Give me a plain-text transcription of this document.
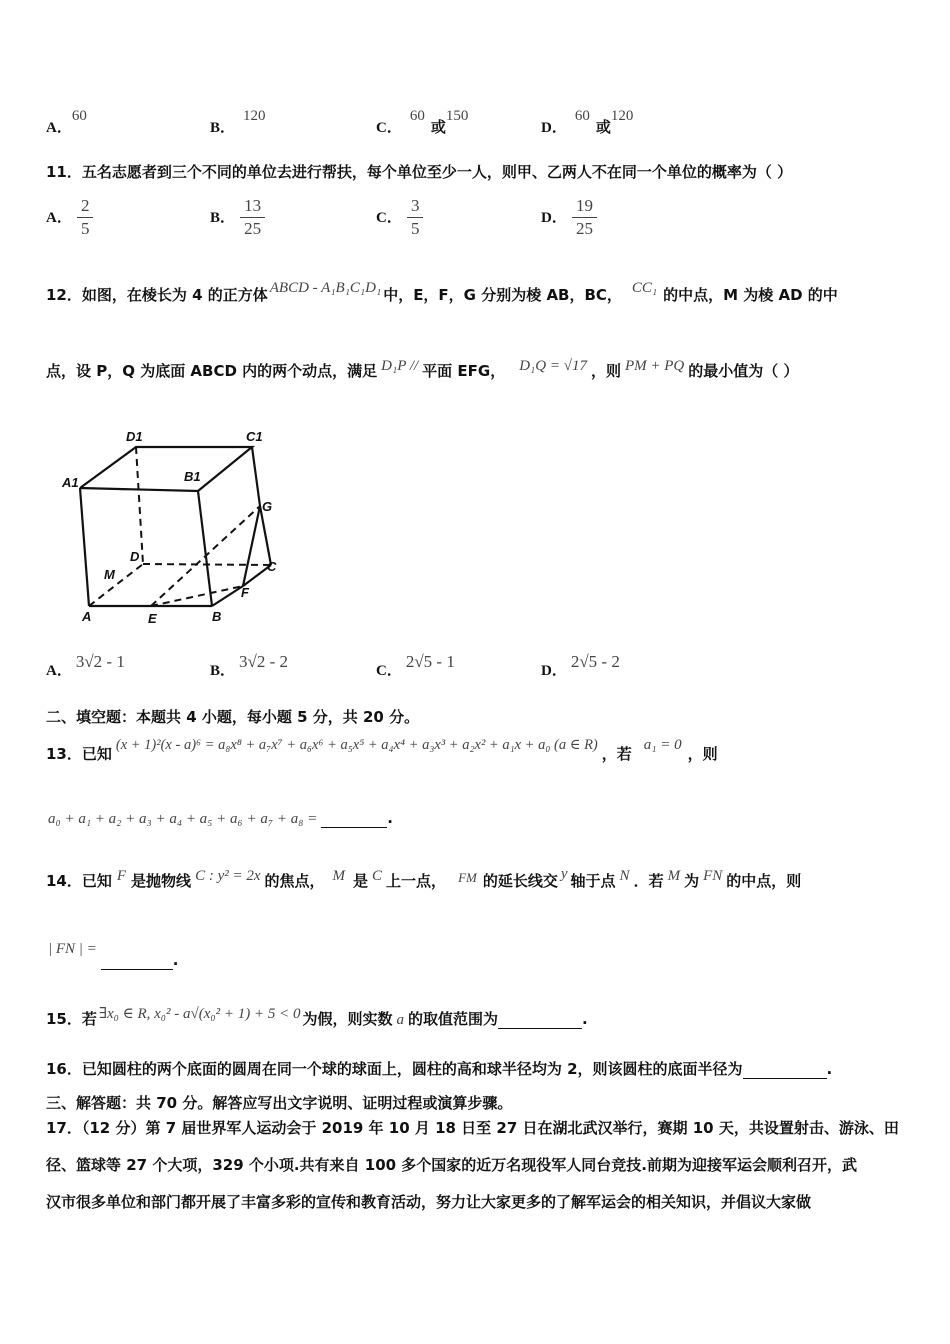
A．60
B．120
C．60或150
D．60或120
11．五名志愿者到三个不同的单位去进行帮扶，每个单位至少一人，则甲、乙两人不在同一个单位的概率为（ ）
A． $\frac{2}{5}$	B． $\frac{13}{25}$	C． $\frac{3}{5}$	D． $\frac{19}{25}$
12．如图，在棱长为 4 的正方体 ABCD - A₁B₁C₁D₁ 中，E，F，G 分别为棱 AB，BC， CC₁ 的中点，M 为棱 AD 的中
点，设 P，Q 为底面 ABCD 内的两个动点，满足 D₁P // 平面 EFG， D₁Q = √17 ，则 PM + PQ 的最小值为（ ）
D1	C1
A1	B1
G
D
C
M
F
A	E	B
A． 3√2 - 1	B． 3√2 - 2	C． 2√5 - 1	D． 2√5 - 2
二、填空题：本题共 4 小题，每小题 5 分，共 20 分。
13．已知 (x + 1)²(x - a)⁶ = a₈x⁸ + a₇x⁷ + a₆x⁶ + a₅x⁵ + a₄x⁴ + a₃x³ + a₂x² + a₁x + a₀ (a ∈ R) ，若 a₁ = 0 ，则
a₀ + a₁ + a₂ + a₃ + a₄ + a₅ + a₆ + a₇ + a₈ =	.
14．已知 F 是抛物线 C : y² = 2x 的焦点， M 是 C 上一点， $^{FM}$ 的延长线交 y 轴于点 N ．若 M 为 FN 的中点，则
| FN | = .
15．若 ∃x₀ ∈ R, x₀² - a√(x₀² + 1) + 5 < 0 为假，则实数 a 的取值范围为	.
16．已知圆柱的两个底面的圆周在同一个球的球面上，圆柱的高和球半径均为 2，则该圆柱的底面半径为	.
三、解答题：共 70 分。解答应写出文字说明、证明过程或演算步骤。
17．（12 分）第 7 届世界军人运动会于 2019 年 10 月 18 日至 27 日在湖北武汉举行，赛期 10 天，共设置射击、游泳、田
径、篮球等 27 个大项，329 个小项.共有来自 100 多个国家的近万名现役军人同台竞技.前期为迎接军运会顺利召开，武
汉市很多单位和部门都开展了丰富多彩的宣传和教育活动，努力让大家更多的了解军运会的相关知识，并倡议大家做
